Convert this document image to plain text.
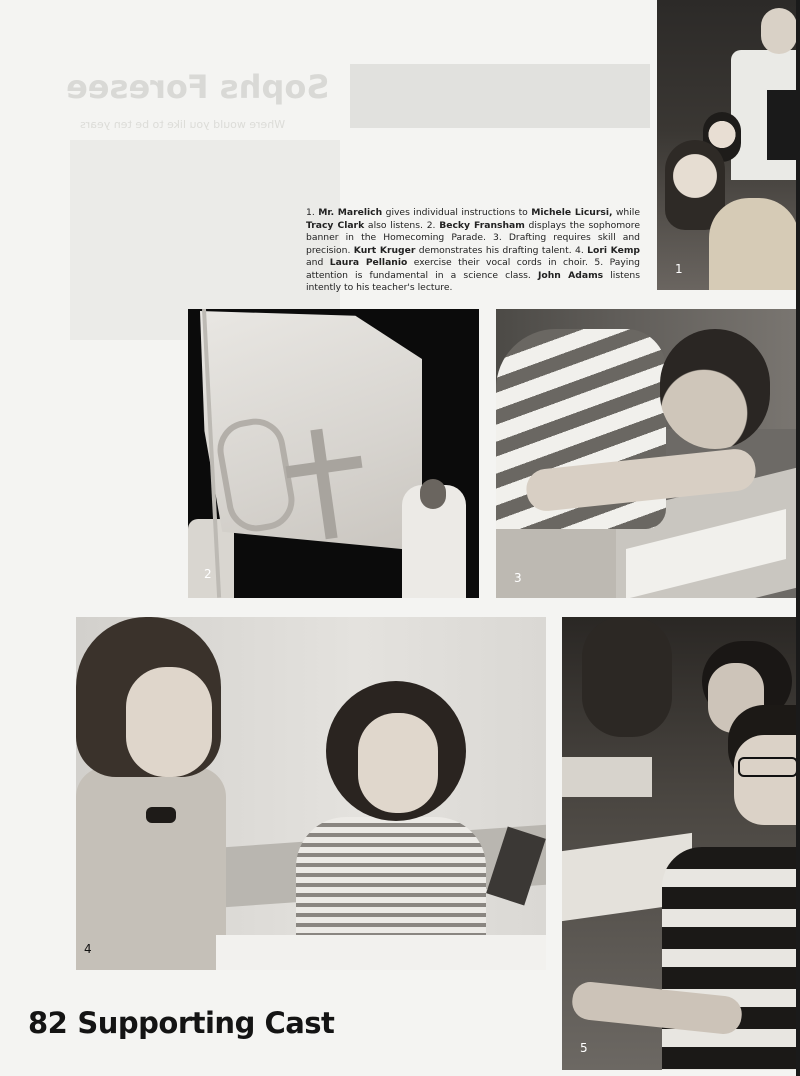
Sophs Foresee
Where would you like to be ten years
1
1. Mr. Marelich gives individual instructions to Michele Licursi, while Tracy Clark also listens. 2. Becky Fransham displays the sophomore banner in the Homecoming Parade. 3. Drafting requires skill and precision. Kurt Kruger demonstrates his drafting talent. 4. Lori Kemp and Laura Pellanio exercise their vocal cords in choir. 5. Paying attention is fundamental in a science class. John Adams listens intently to his teacher's lecture.
2	3
4
5
82 Supporting Cast
